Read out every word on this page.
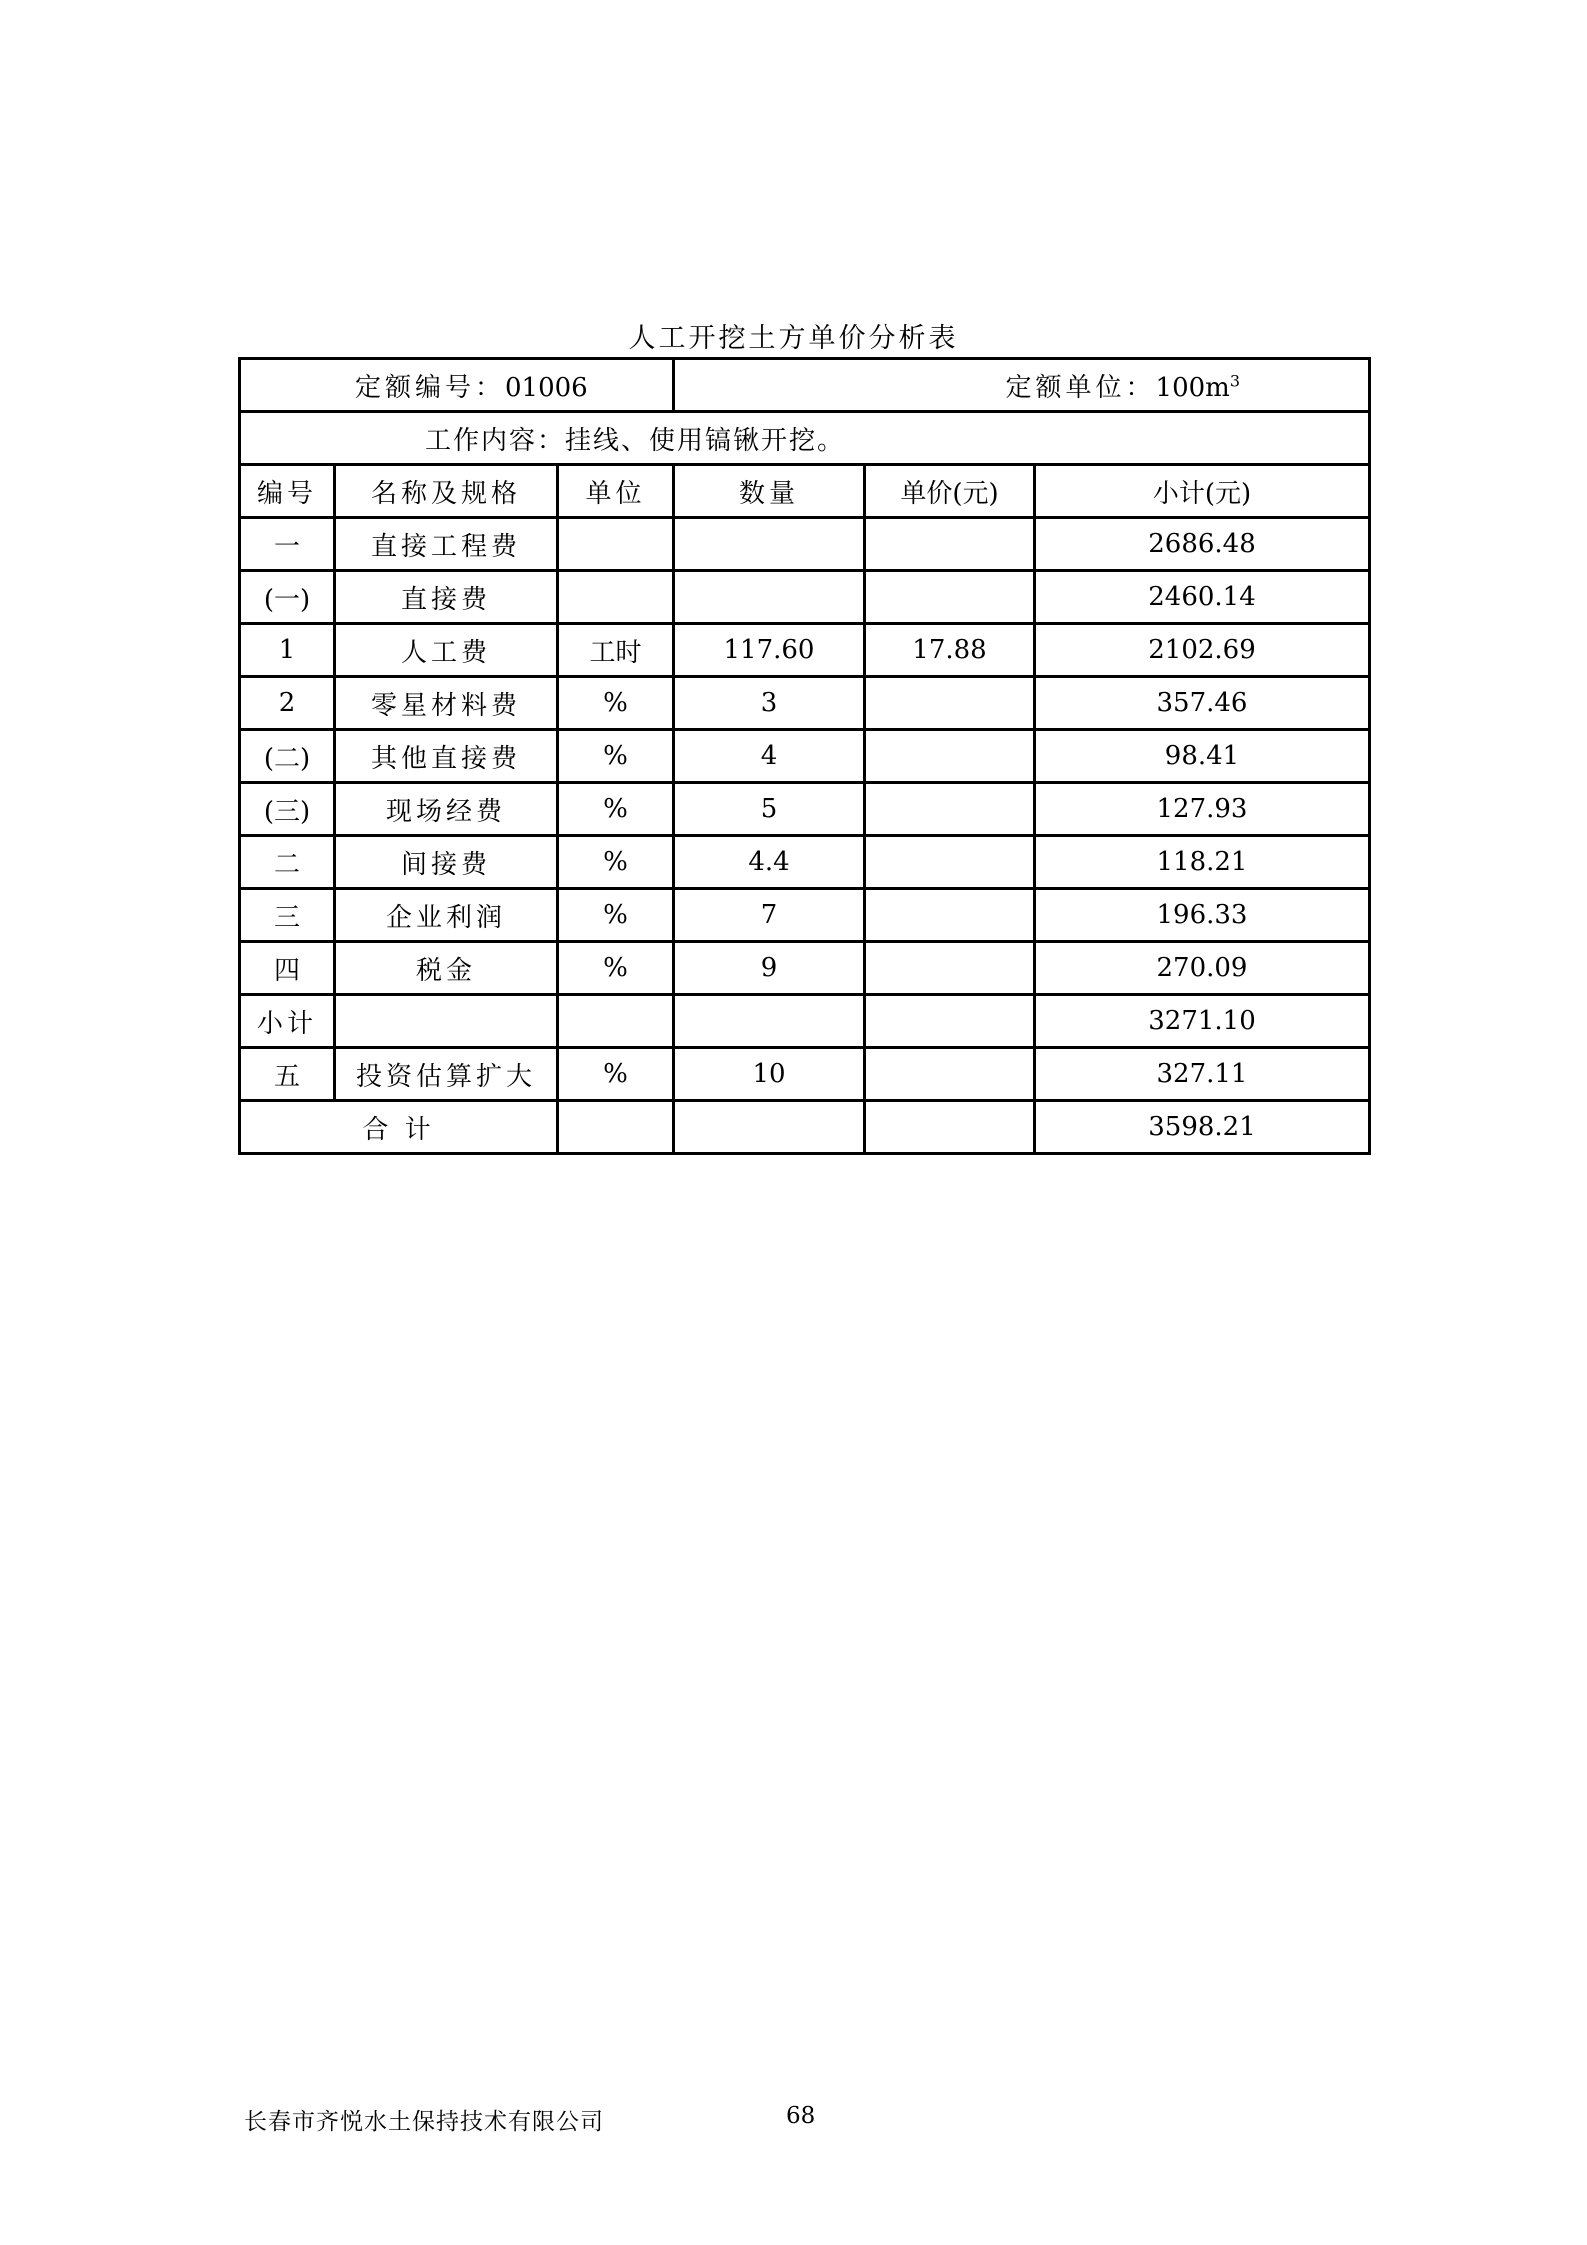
人工开挖土方单价分析表
定额编号：01006			定额单位：$100m^3$
工作内容：挂线、使用镐锹开挖。					
编号	名称及规格	单位	数量	单价(元)	小计(元)
一	直接工程费				2686.48
(一)	直接费				2460.14
1	人工费	工时	117.60	17.88	2102.69
2	零星材料费	%	3		357.46
(二)	其他直接费	%	4		98.41
(三)	现场经费	%	5		127.93
二	间接费	%	4.4		118.21
三	企业利润	%	7		196.33
四	税金	%	9		270.09
小计					3271.10
五	投资估算扩大	%	10		327.11
合 计					3598.21
长春市齐悦水土保持技术有限公司	68
